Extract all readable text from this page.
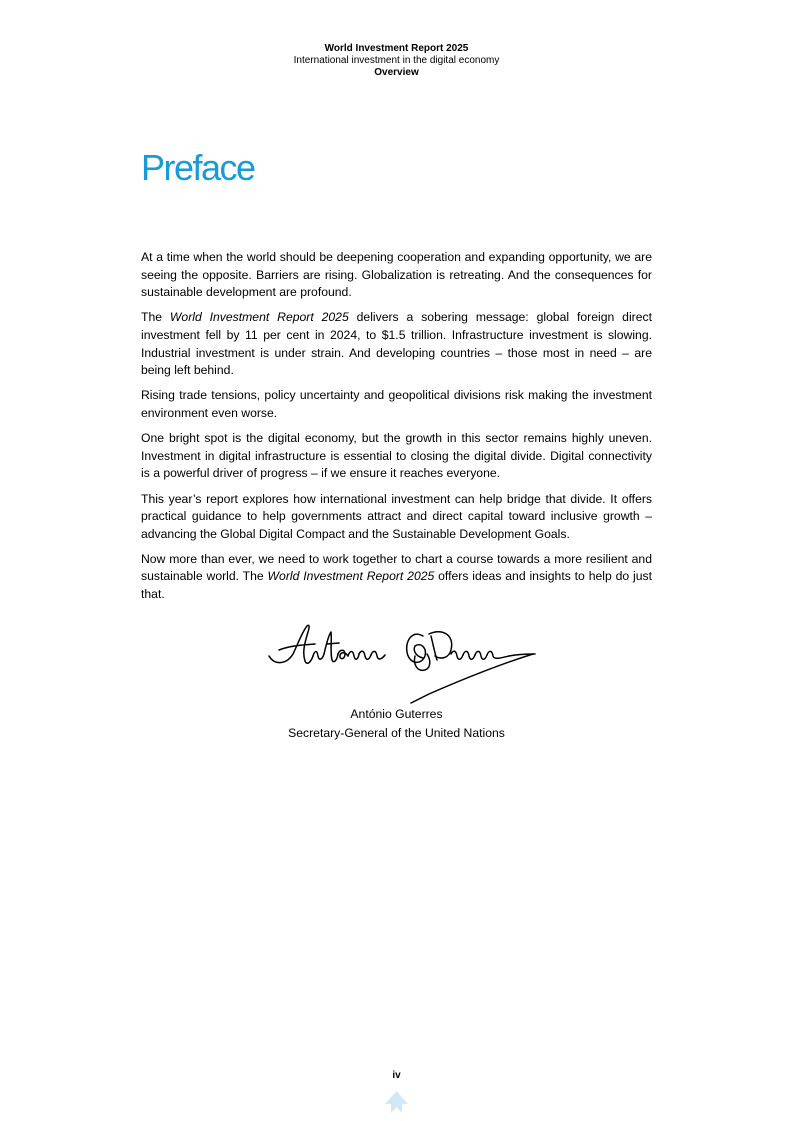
World Investment Report 2025
International investment in the digital economy
Overview
Preface

At a time when the world should be deepening cooperation and expanding opportunity, we are seeing the opposite. Barriers are rising. Globalization is retreating. And the consequences for sustainable development are profound.

The World Investment Report 2025 delivers a sobering message: global foreign direct investment fell by 11 per cent in 2024, to $1.5 trillion. Infrastructure investment is slowing. Industrial investment is under strain. And developing countries – those most in need – are being left behind.

Rising trade tensions, policy uncertainty and geopolitical divisions risk making the investment environment even worse.

One bright spot is the digital economy, but the growth in this sector remains highly uneven. Investment in digital infrastructure is essential to closing the digital divide. Digital connectivity is a powerful driver of progress – if we ensure it reaches everyone.

This year’s report explores how international investment can help bridge that divide. It offers practical guidance to help governments attract and direct capital toward inclusive growth – advancing the Global Digital Compact and the Sustainable Development Goals.

Now more than ever, we need to work together to chart a course towards a more resilient and sustainable world. The World Investment Report 2025 offers ideas and insights to help do just that.

António Guterres
Secretary-General of the United Nations
iv
